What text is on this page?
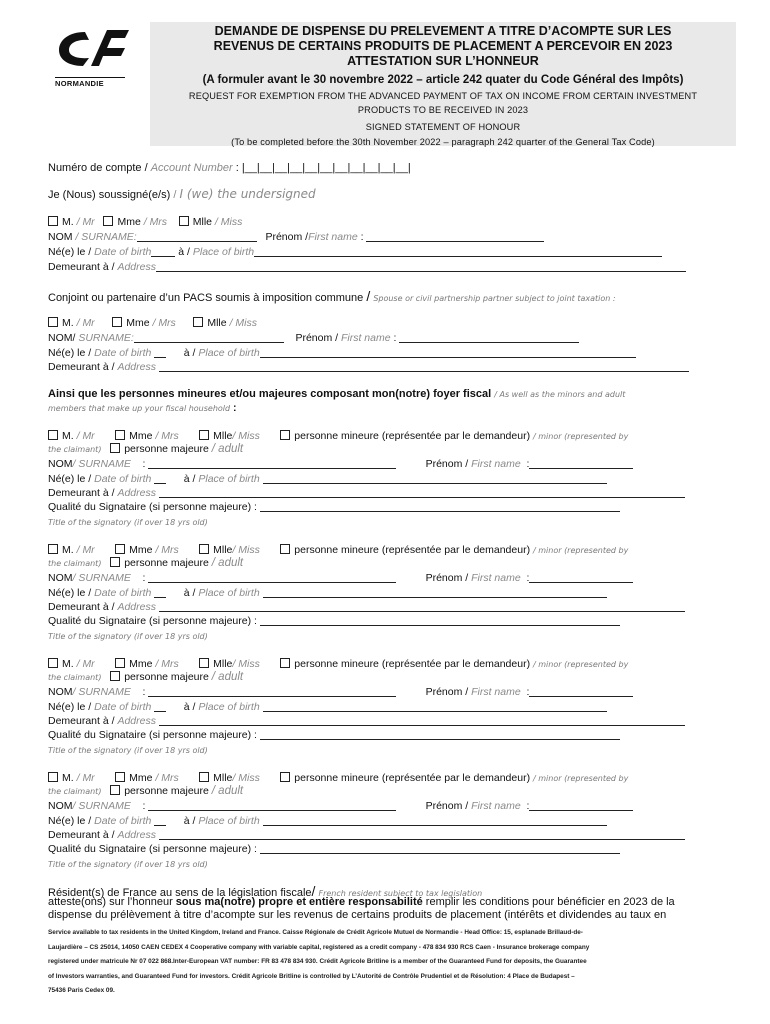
NORMANDIE
DEMANDE DE DISPENSE DU PRELEVEMENT A TITRE D’ACOMPTE SUR LES
REVENUS DE CERTAINS PRODUITS DE PLACEMENT A PERCEVOIR EN 2023
ATTESTATION SUR L’HONNEUR
(A formuler avant le 30 novembre 2022 – article 242 quater du Code Général des Impôts)
REQUEST FOR EXEMPTION FROM THE ADVANCED PAYMENT OF TAX ON INCOME FROM CERTAIN INVESTMENT
PRODUCTS TO BE RECEIVED IN 2023
SIGNED STATEMENT OF HONOUR
(To be completed before the 30th November 2022 – paragraph 242 quarter of the General Tax Code)
Numéro de compte / Account Number : |__|__|__|__|__|__|__|__|__|__|__|
Je (Nous) soussigné(e/s) / I (we) the undersigned
M. / Mr Mme / Mrs Mlle / Miss
NOM / SURNAME:	Prénom /First name :
Né(e) le / Date of birth	à / Place of birth
Demeurant à / Address
Conjoint ou partenaire d’un PACS soumis à imposition commune / Spouse or civil partnership partner subject to joint taxation :
M. / Mr	Mme / Mrs	Mlle / Miss
NOM/ SURNAME:	Prénom / First name :
Né(e) le / Date of birth	à / Place of birth
Demeurant à / Address
Ainsi que les personnes mineures et/ou majeures composant mon(notre) foyer fiscal / As well as the minors and adult
members that make up your fiscal household :
M. / Mr	Mme / Mrs	Mlle/ Miss	personne mineure (représentée par le demandeur) / minor (represented by
the claimant) personne majeure / adult
NOM/ SURNAME    :	Prénom / First name  :
Né(e) le / Date of birth	à / Place of birth
Demeurant à / Address
Qualité du Signataire (si personne majeure) :
Title of the signatory (if over 18 yrs old)
M. / Mr	Mme / Mrs	Mlle/ Miss	personne mineure (représentée par le demandeur) / minor (represented by
the claimant) personne majeure / adult
NOM/ SURNAME    :	Prénom / First name  :
Né(e) le / Date of birth	à / Place of birth
Demeurant à / Address
Qualité du Signataire (si personne majeure) :
Title of the signatory (if over 18 yrs old)
M. / Mr	Mme / Mrs	Mlle/ Miss	personne mineure (représentée par le demandeur) / minor (represented by
the claimant) personne majeure / adult
NOM/ SURNAME    :	Prénom / First name  :
Né(e) le / Date of birth	à / Place of birth
Demeurant à / Address
Qualité du Signataire (si personne majeure) :
Title of the signatory (if over 18 yrs old)
M. / Mr	Mme / Mrs	Mlle/ Miss	personne mineure (représentée par le demandeur) / minor (represented by
the claimant) personne majeure / adult
NOM/ SURNAME    :	Prénom / First name  :
Né(e) le / Date of birth	à / Place of birth
Demeurant à / Address
Qualité du Signataire (si personne majeure) :
Title of the signatory (if over 18 yrs old)
Résident(s) de France au sens de la législation fiscale/ French resident subject to tax legislation
atteste(ons) sur l’honneur sous ma(notre) propre et entière responsabilité remplir les conditions pour bénéficier en 2023 de la
dispense du prélèvement à titre d’acompte sur les revenus de certains produits de placement (intérêts et dividendes au taux en
Service available to tax residents in the United Kingdom, Ireland and France. Caisse Régionale de Crédit Agricole Mutuel de Normandie - Head Office: 15, esplanade Brillaud-de-
Laujardière – CS 25014, 14050 CAEN CEDEX 4 Cooperative company with variable capital, registered as a credit company - 478 834 930 RCS Caen - Insurance brokerage company
registered under matricule Nr 07 022 868.Inter-European VAT number: FR 83 478 834 930. Crédit Agricole Britline is a member of the Guaranteed Fund for deposits, the Guarantee
of Investors warranties, and Guaranteed Fund for investors. Crédit Agricole Britline is controlled by L’Autorité de Contrôle Prudentiel et de Résolution: 4 Place de Budapest –
75436 Paris Cedex 09.
